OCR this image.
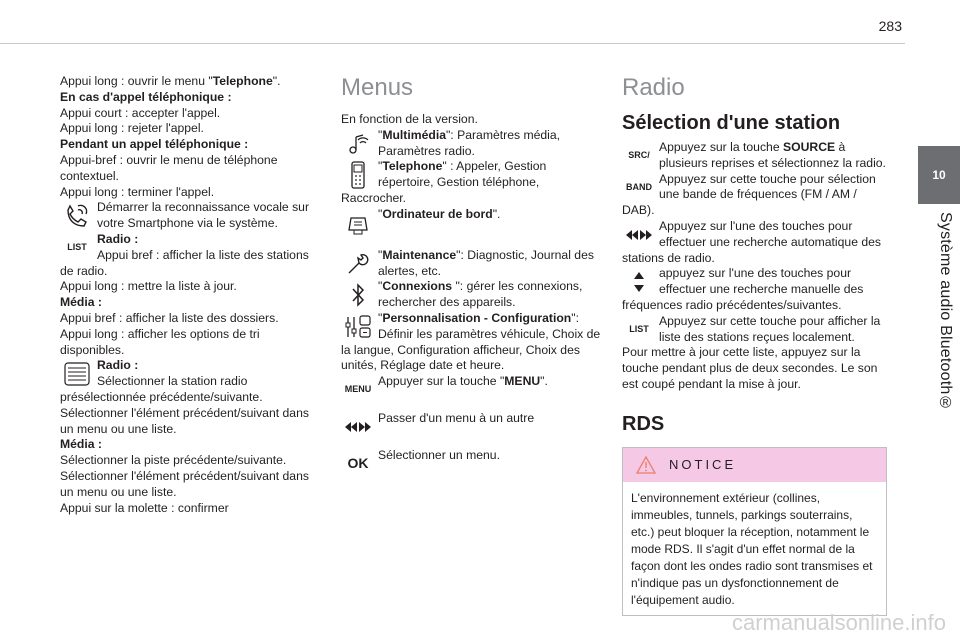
283
10
Système audio Bluetooth®

Appui long : ouvrir le menu "Telephone".

En cas d'appel téléphonique :

Appui court : accepter l'appel.

Appui long : rejeter l'appel.

Pendant un appel téléphonique :

Appui-bref : ouvrir le menu de téléphone contextuel.

Appui long : terminer l'appel.

Démarrer la reconnaissance vocale sur votre Smartphone via le système.

LIST

Radio :

Appui bref : afficher la liste des stations de radio.

Appui long : mettre la liste à jour.

Média :

Appui bref : afficher la liste des dossiers.

Appui long : afficher les options de tri disponibles.

Radio :

Sélectionner la station radio présélectionnée précédente/suivante.

Sélectionner l'élément précédent/suivant dans un menu ou une liste.

Média :

Sélectionner la piste précédente/suivante.

Sélectionner l'élément précédent/suivant dans un menu ou une liste.

Appui sur la molette : confirmer

Menus

En fonction de la version.

"Multimédia": Paramètres média, Paramètres radio.

"Telephone" : Appeler, Gestion répertoire, Gestion téléphone, Raccrocher.

"Ordinateur de bord".

"Maintenance": Diagnostic, Journal des alertes, etc.

"Connexions ": gérer les connexions, rechercher des appareils.

"Personnalisation - Configuration": Définir les paramètres véhicule, Choix de la langue, Configuration afficheur, Choix des unités, Réglage date et heure.

MENU

Appuyer sur la touche "MENU".

Passer d'un menu à un autre

OK

Sélectionner un menu.

Radio
Sélection d'une station
SRC/

Appuyez sur la touche SOURCE à plusieurs reprises et sélectionnez la radio.

BAND

Appuyez sur cette touche pour sélection une bande de fréquences (FM / AM / DAB).

Appuyez sur l'une des touches pour effectuer une recherche automatique des stations de radio.

appuyez sur l'une des touches pour effectuer une recherche manuelle des fréquences radio précédentes/suivantes.

LIST

Appuyez sur cette touche pour afficher la liste des stations reçues localement.

Pour mettre à jour cette liste, appuyez sur la touche pendant plus de deux secondes. Le son est coupé pendant la mise à jour.

RDS
NOTICE
L'environnement extérieur (collines, immeubles, tunnels, parkings souterrains, etc.) peut bloquer la réception, notamment le mode RDS. Il s'agit d'un effet normal de la façon dont les ondes radio sont transmises et n'indique pas un dysfonctionnement de l'équipement audio.
carmanualsonline.info
